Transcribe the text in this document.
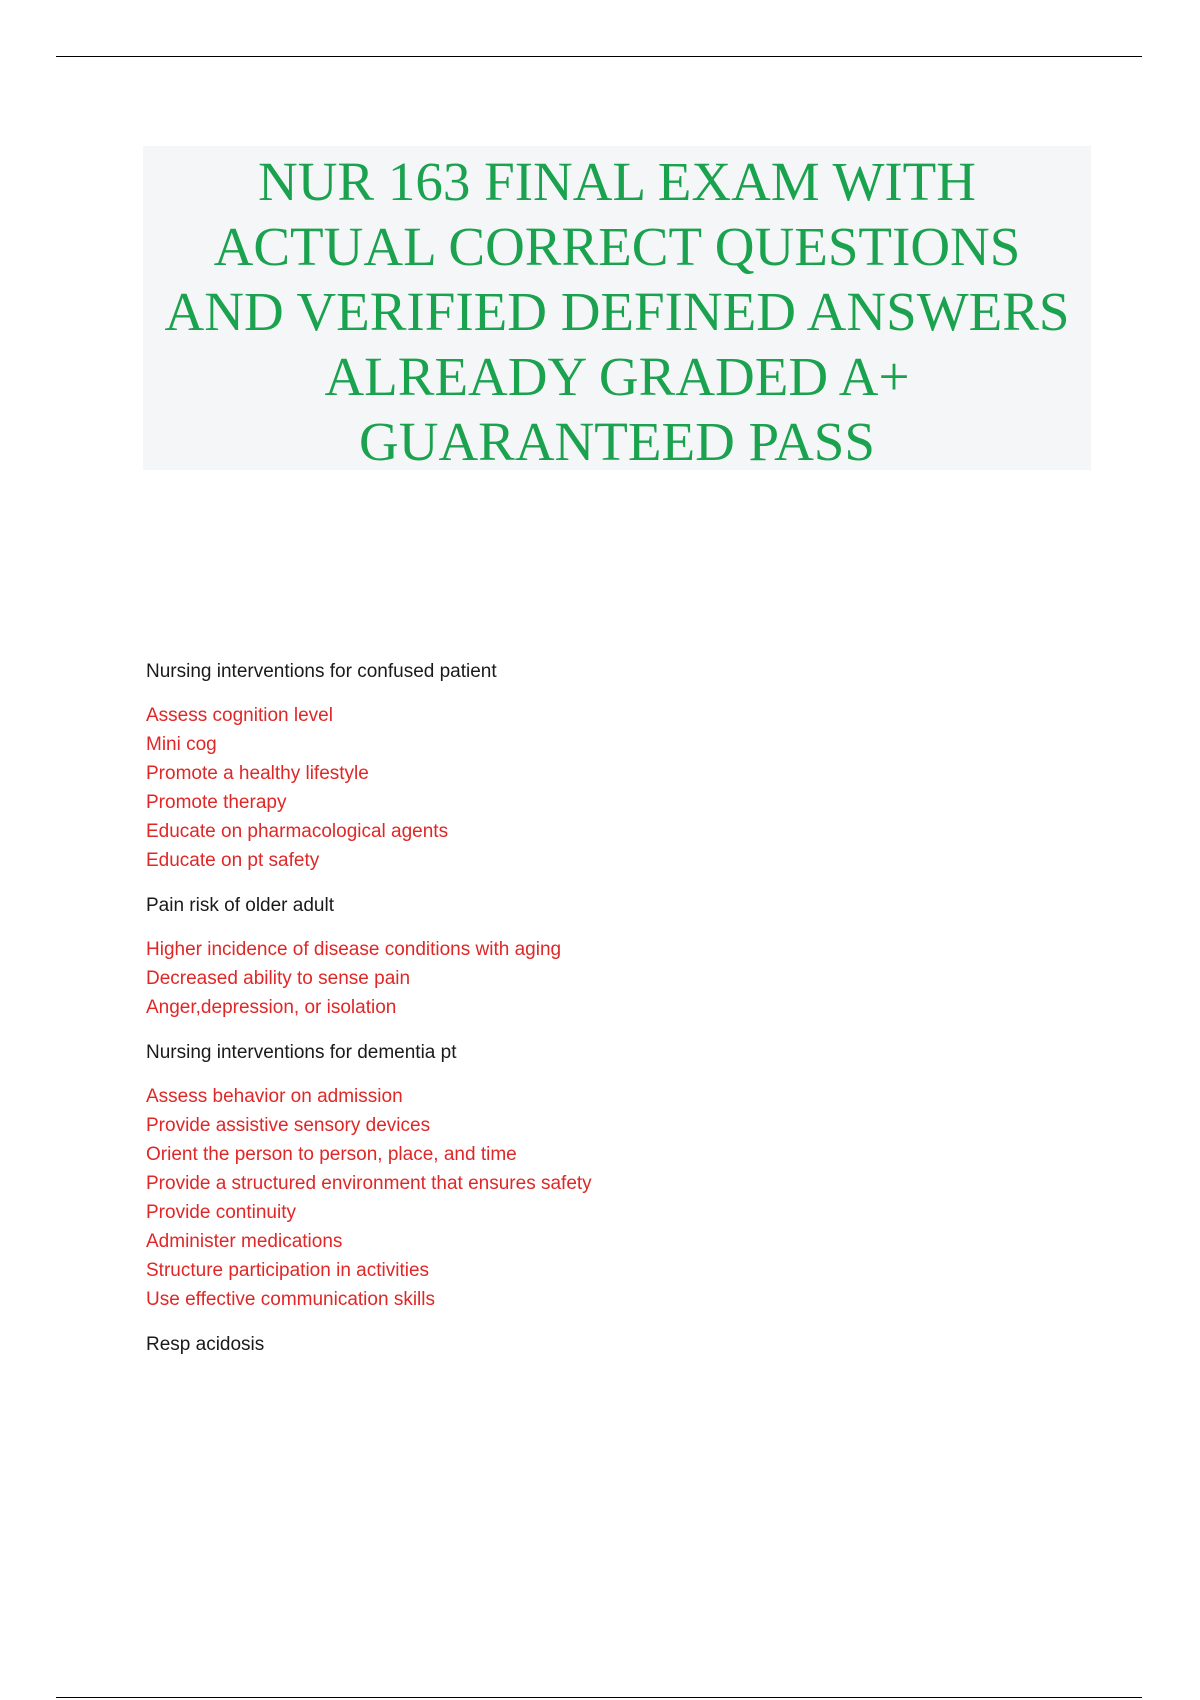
NUR 163 FINAL EXAM WITH
ACTUAL CORRECT QUESTIONS
AND VERIFIED DEFINED ANSWERS
ALREADY GRADED A+
GUARANTEED PASS
Nursing interventions for confused patient
Assess cognition level
Mini cog
Promote a healthy lifestyle
Promote therapy
Educate on pharmacological agents
Educate on pt safety
Pain risk of older adult
Higher incidence of disease conditions with aging
Decreased ability to sense pain
Anger,depression, or isolation
Nursing interventions for dementia pt
Assess behavior on admission
Provide assistive sensory devices
Orient the person to person, place, and time
Provide a structured environment that ensures safety
Provide continuity
Administer medications
Structure participation in activities
Use effective communication skills
Resp acidosis
